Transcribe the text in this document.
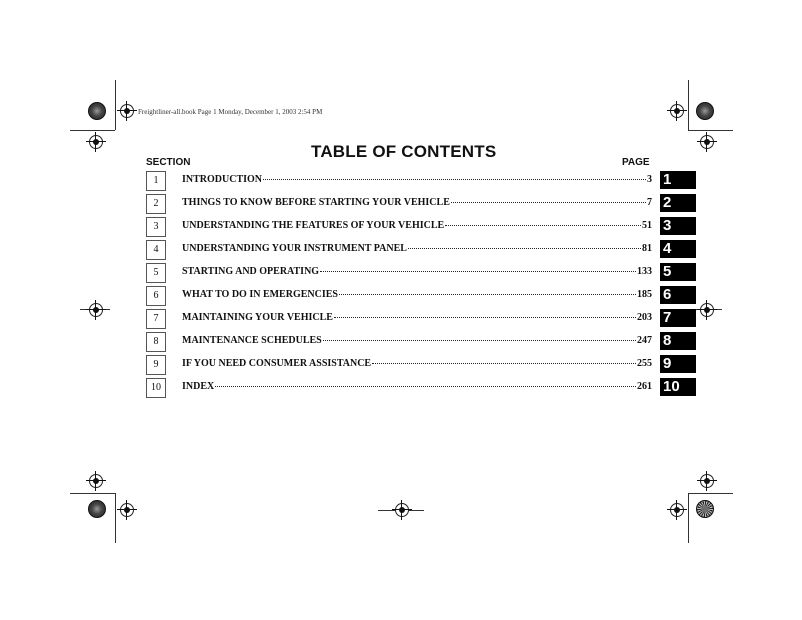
Freightliner-all.book Page 1 Monday, December 1, 2003 2:54 PM
TABLE OF CONTENTS
SECTION	PAGE
1	INTRODUCTION	3 1
2	THINGS TO KNOW BEFORE STARTING YOUR VEHICLE	7 2
3	UNDERSTANDING THE FEATURES OF YOUR VEHICLE	51 3
4	UNDERSTANDING YOUR INSTRUMENT PANEL	81 4
5	STARTING AND OPERATING	133 5
6	WHAT TO DO IN EMERGENCIES	185 6
7	MAINTAINING YOUR VEHICLE	203 7
8	MAINTENANCE SCHEDULES	247 8
9	IF YOU NEED CONSUMER ASSISTANCE	255 9
10	INDEX	261 10
